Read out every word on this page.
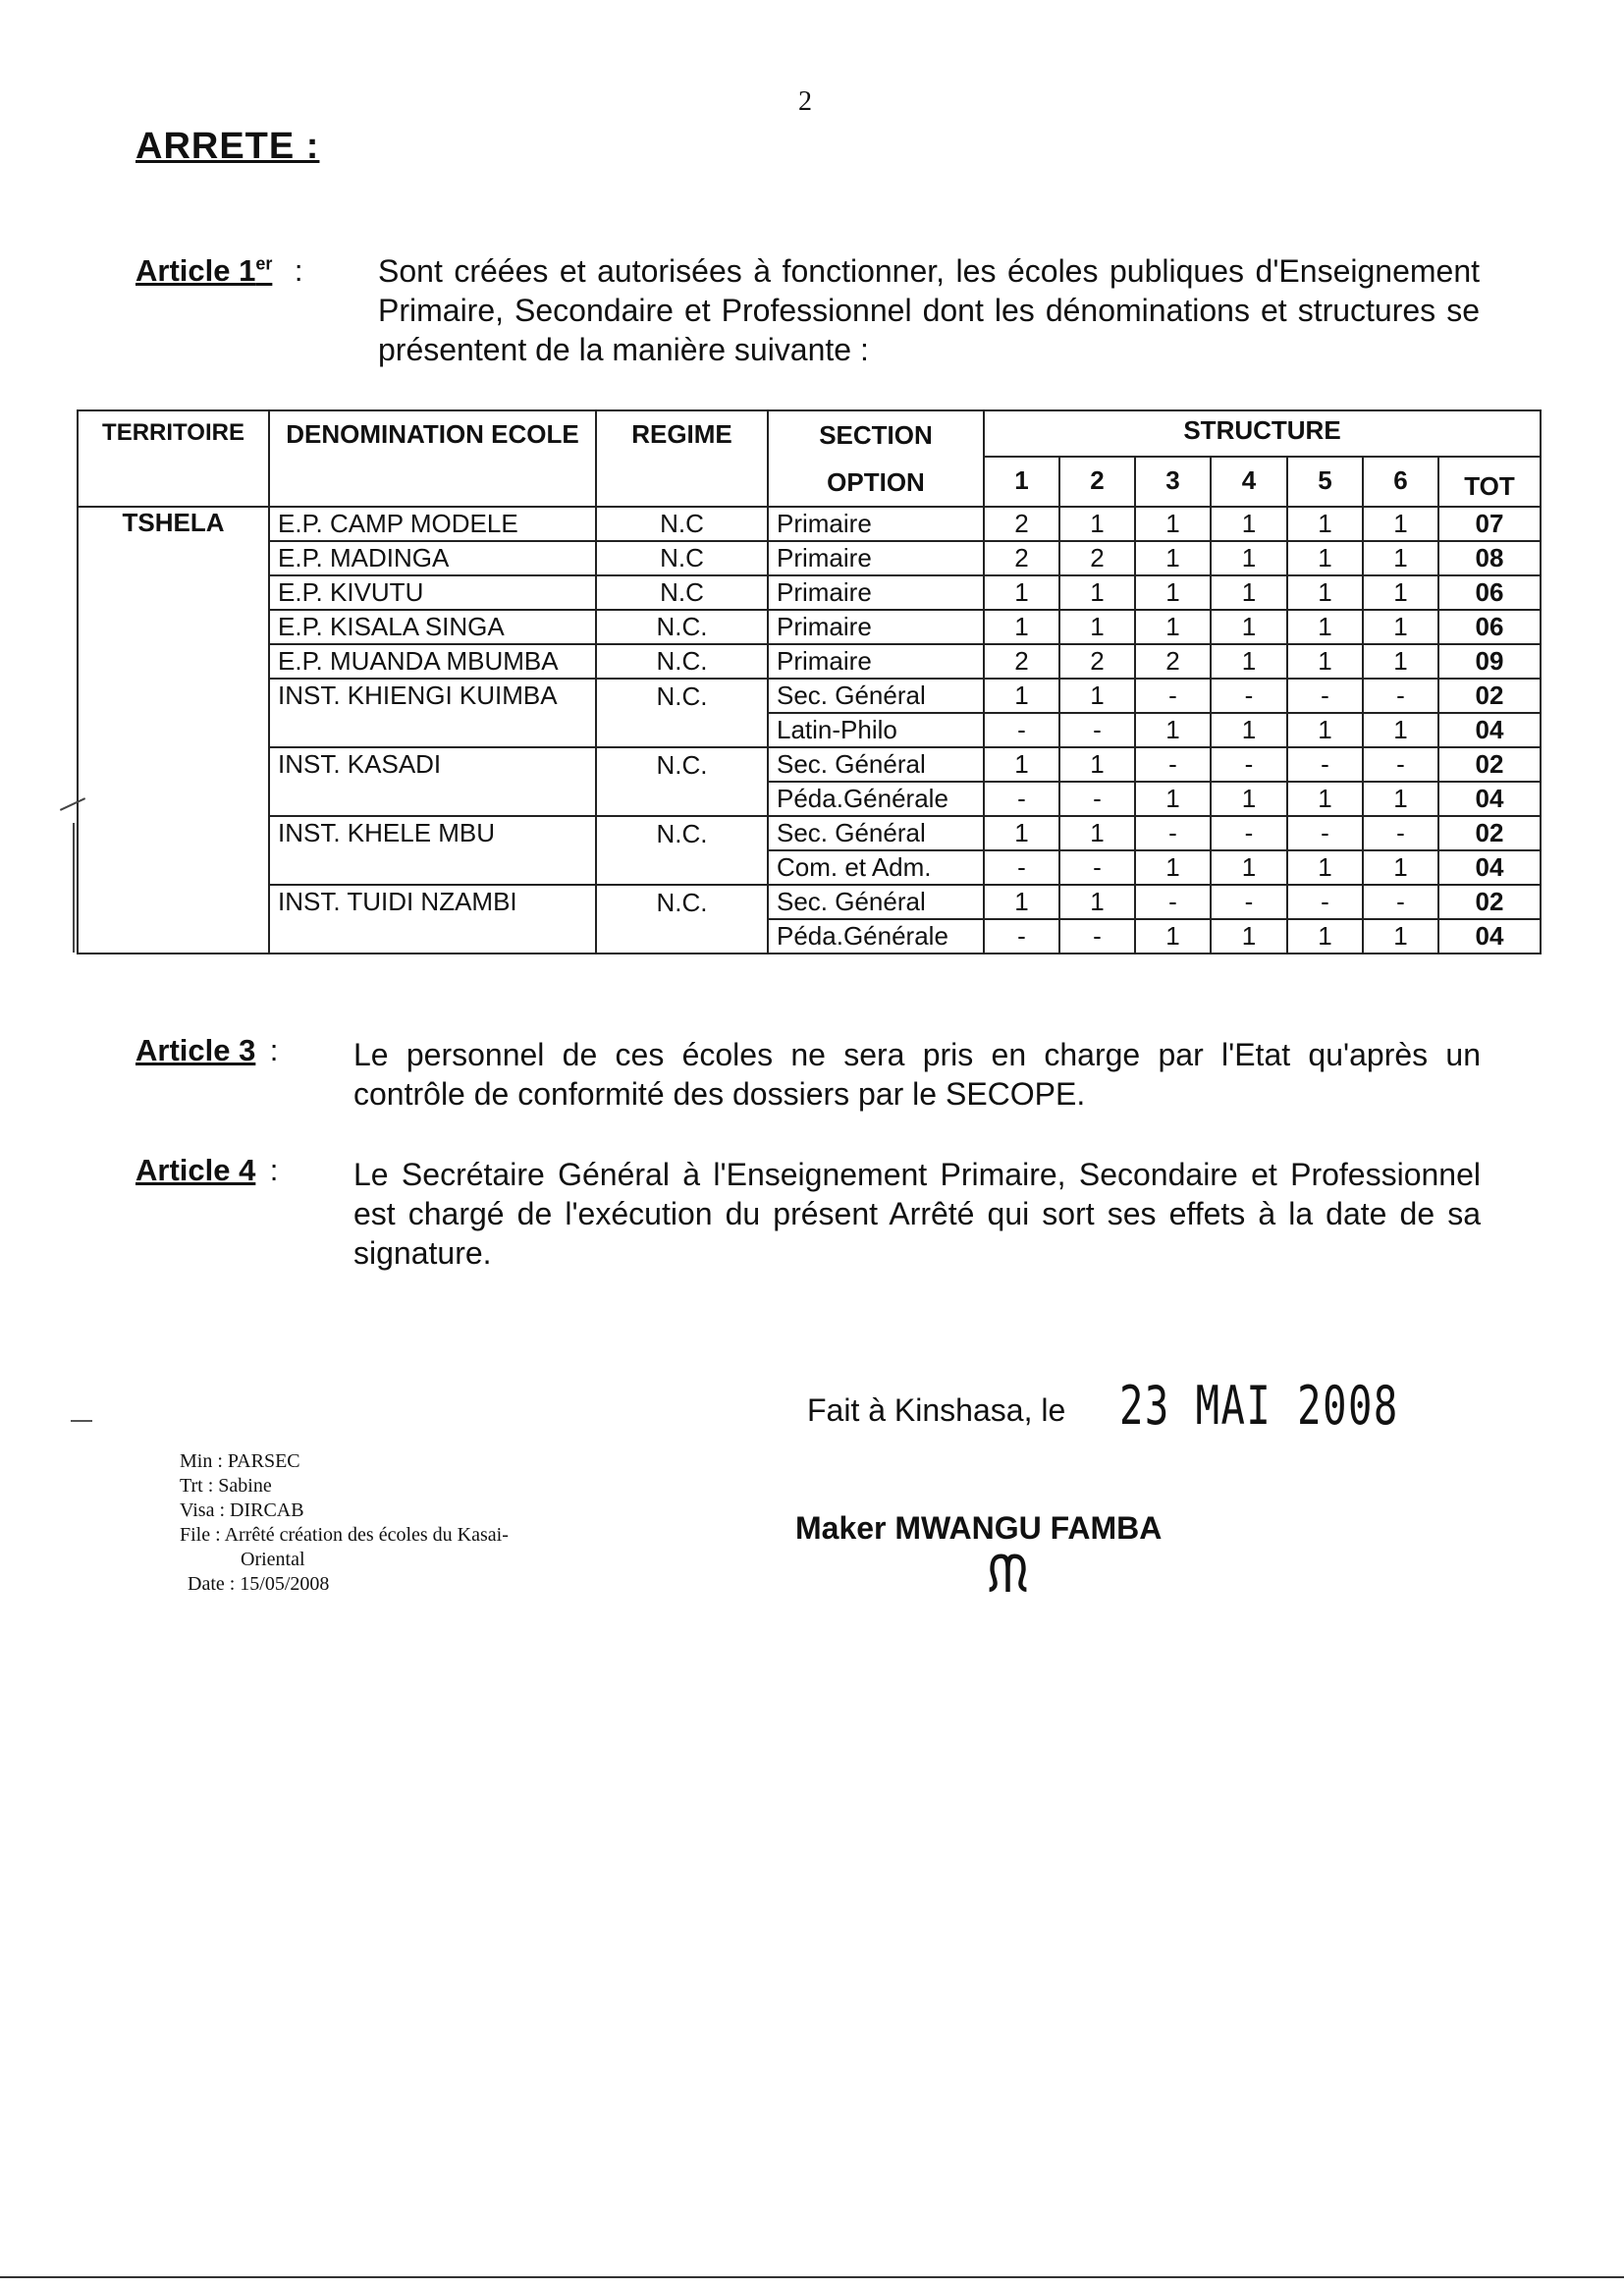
2
ARRETE :
Article 1er : Sont créées et autorisées à fonctionner, les écoles publiques d'Enseignement Primaire, Secondaire et Professionnel dont les dénominations et structures se présentent de la manière suivante :
TERRITOIRE	DENOMINATION ECOLE	REGIME	SECTION
OPTION	STRUCTURE						
				1	2	3	4	5	6	TOT
TSHELA	E.P. CAMP MODELE	N.C	Primaire	2	1	1	1	1	1	07
	E.P. MADINGA	N.C	Primaire	2	2	1	1	1	1	08
	E.P. KIVUTU	N.C	Primaire	1	1	1	1	1	1	06
	E.P. KISALA SINGA	N.C.	Primaire	1	1	1	1	1	1	06
	E.P. MUANDA MBUMBA	N.C.	Primaire	2	2	2	1	1	1	09
	INST. KHIENGI KUIMBA	N.C.	Sec. Général	1	1	-	-	-	-	02
			Latin-Philo	-	-	1	1	1	1	04
	INST. KASADI	N.C.	Sec. Général	1	1	-	-	-	-	02
			Péda.Générale	-	-	1	1	1	1	04
	INST. KHELE MBU	N.C.	Sec. Général	1	1	-	-	-	-	02
			Com. et Adm.	-	-	1	1	1	1	04
	INST. TUIDI NZAMBI	N.C.	Sec. Général	1	1	-	-	-	-	02
			Péda.Générale	-	-	1	1	1	1	04
Article 3 : Le personnel de ces écoles ne sera pris en charge par l'Etat qu'après un contrôle de conformité des dossiers par le SECOPE.
Article 4 : Le Secrétaire Général à l'Enseignement Primaire, Secondaire et Professionnel est chargé de l'exécution du présent Arrêté qui sort ses effets à la date de sa signature.
Fait à Kinshasa, le 23 MAI 2008
Maker MWANGU FAMBA
ᙏ
Min : PARSEC
Trt : Sabine
Visa : DIRCAB
File : Arrêté création des écoles du Kasai-
Oriental
Date : 15/05/2008
